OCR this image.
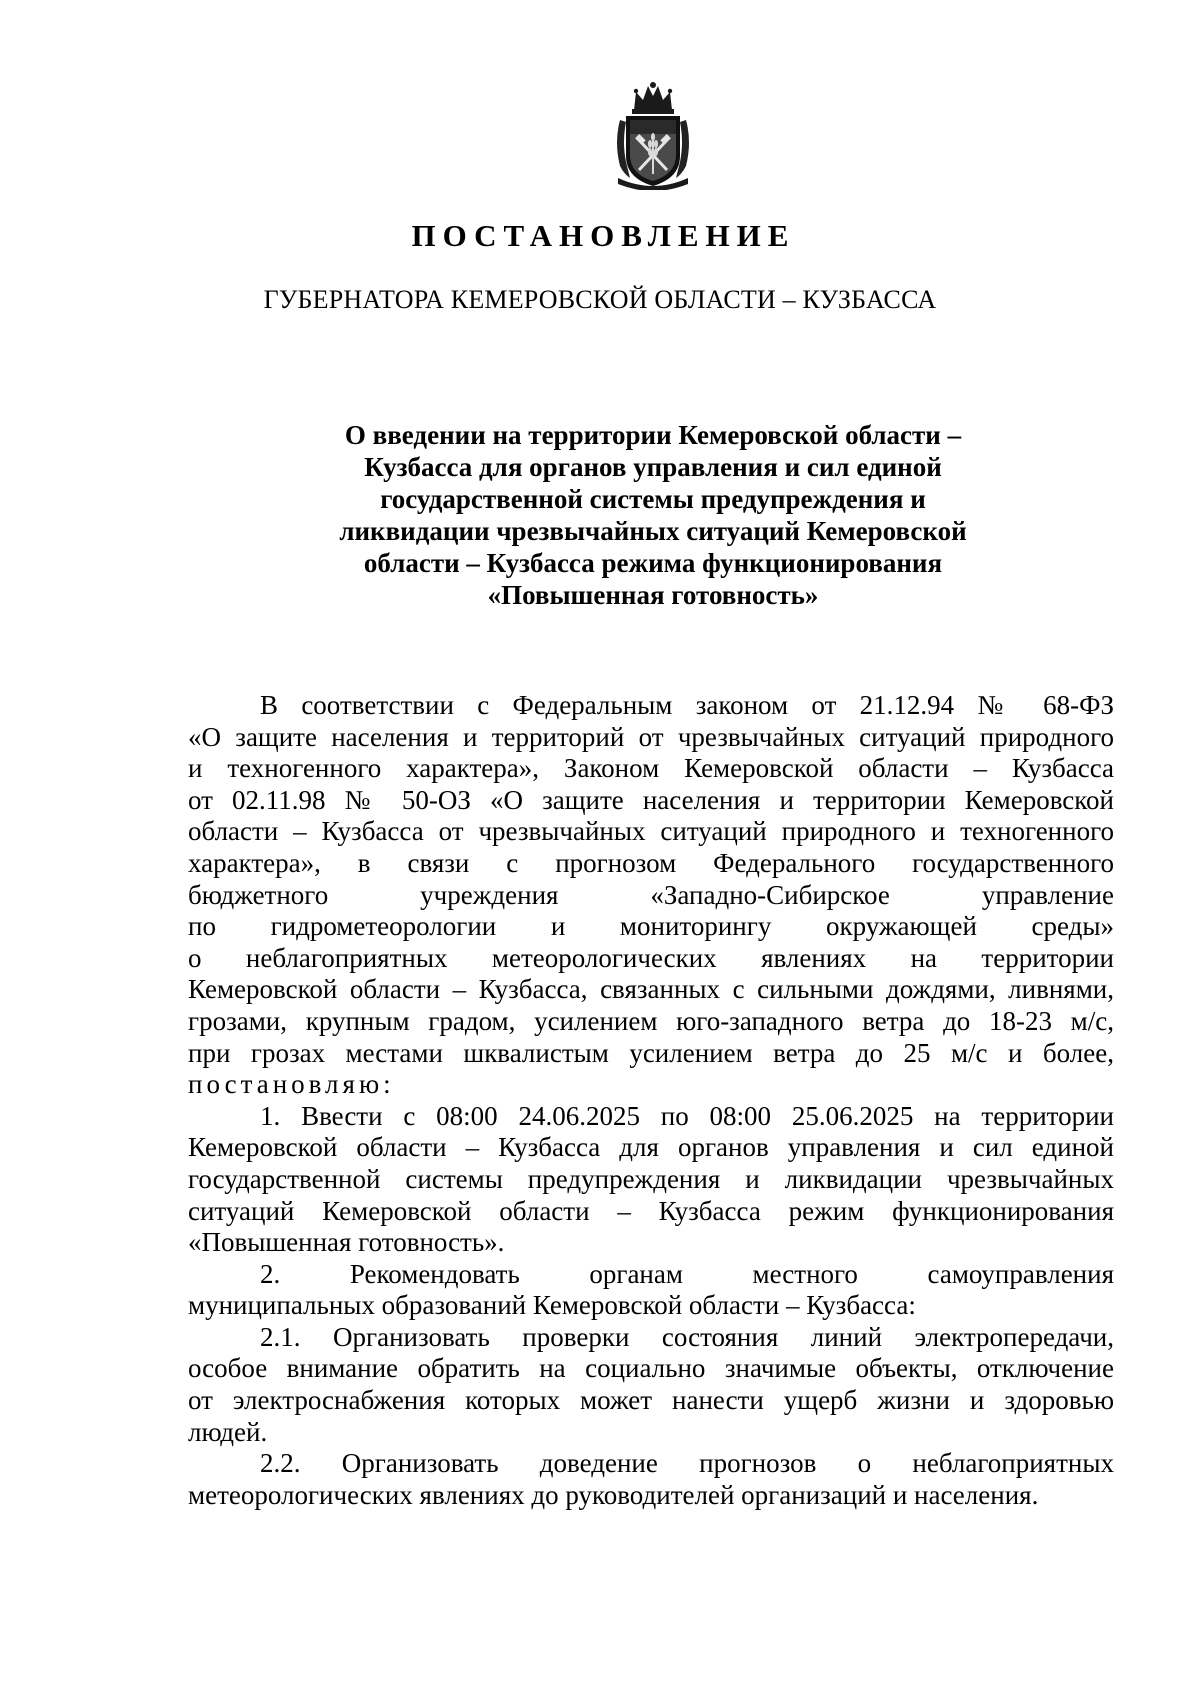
ПОСТАНОВЛЕНИЕ
ГУБЕРНАТОРА КЕМЕРОВСКОЙ ОБЛАСТИ – КУЗБАССА
О введении на территории Кемеровской области –
Кузбасса для органов управления и сил единой
государственной системы предупреждения и
ликвидации чрезвычайных ситуаций Кемеровской
области – Кузбасса режима функционирования
«Повышенная готовность»
В соответствии с Федеральным законом от 21.12.94 № 68-ФЗ
«О защите населения и территорий от чрезвычайных ситуаций природного
и техногенного характера», Законом Кемеровской области – Кузбасса
от 02.11.98 № 50-ОЗ «О защите населения и территории Кемеровской
области – Кузбасса от чрезвычайных ситуаций природного и техногенного
характера», в связи с прогнозом Федерального государственного
бюджетного учреждения «Западно-Сибирское управление
по гидрометеорологии и мониторингу окружающей среды»
о неблагоприятных метеорологических явлениях на территории
Кемеровской области – Кузбасса, связанных с сильными дождями, ливнями,
грозами, крупным градом, усилением юго-западного ветра до 18-23 м/с,
при грозах местами шквалистым усилением ветра до 25 м/с и более,
постановляю:
1. Ввести с 08:00 24.06.2025 по 08:00 25.06.2025 на территории
Кемеровской области – Кузбасса для органов управления и сил единой
государственной системы предупреждения и ликвидации чрезвычайных
ситуаций Кемеровской области – Кузбасса режим функционирования
«Повышенная готовность».
2. Рекомендовать органам местного самоуправления
муниципальных образований Кемеровской области – Кузбасса:
2.1. Организовать проверки состояния линий электропередачи,
особое внимание обратить на социально значимые объекты, отключение
от электроснабжения которых может нанести ущерб жизни и здоровью
людей.
2.2. Организовать доведение прогнозов о неблагоприятных
метеорологических явлениях до руководителей организаций и населения.
